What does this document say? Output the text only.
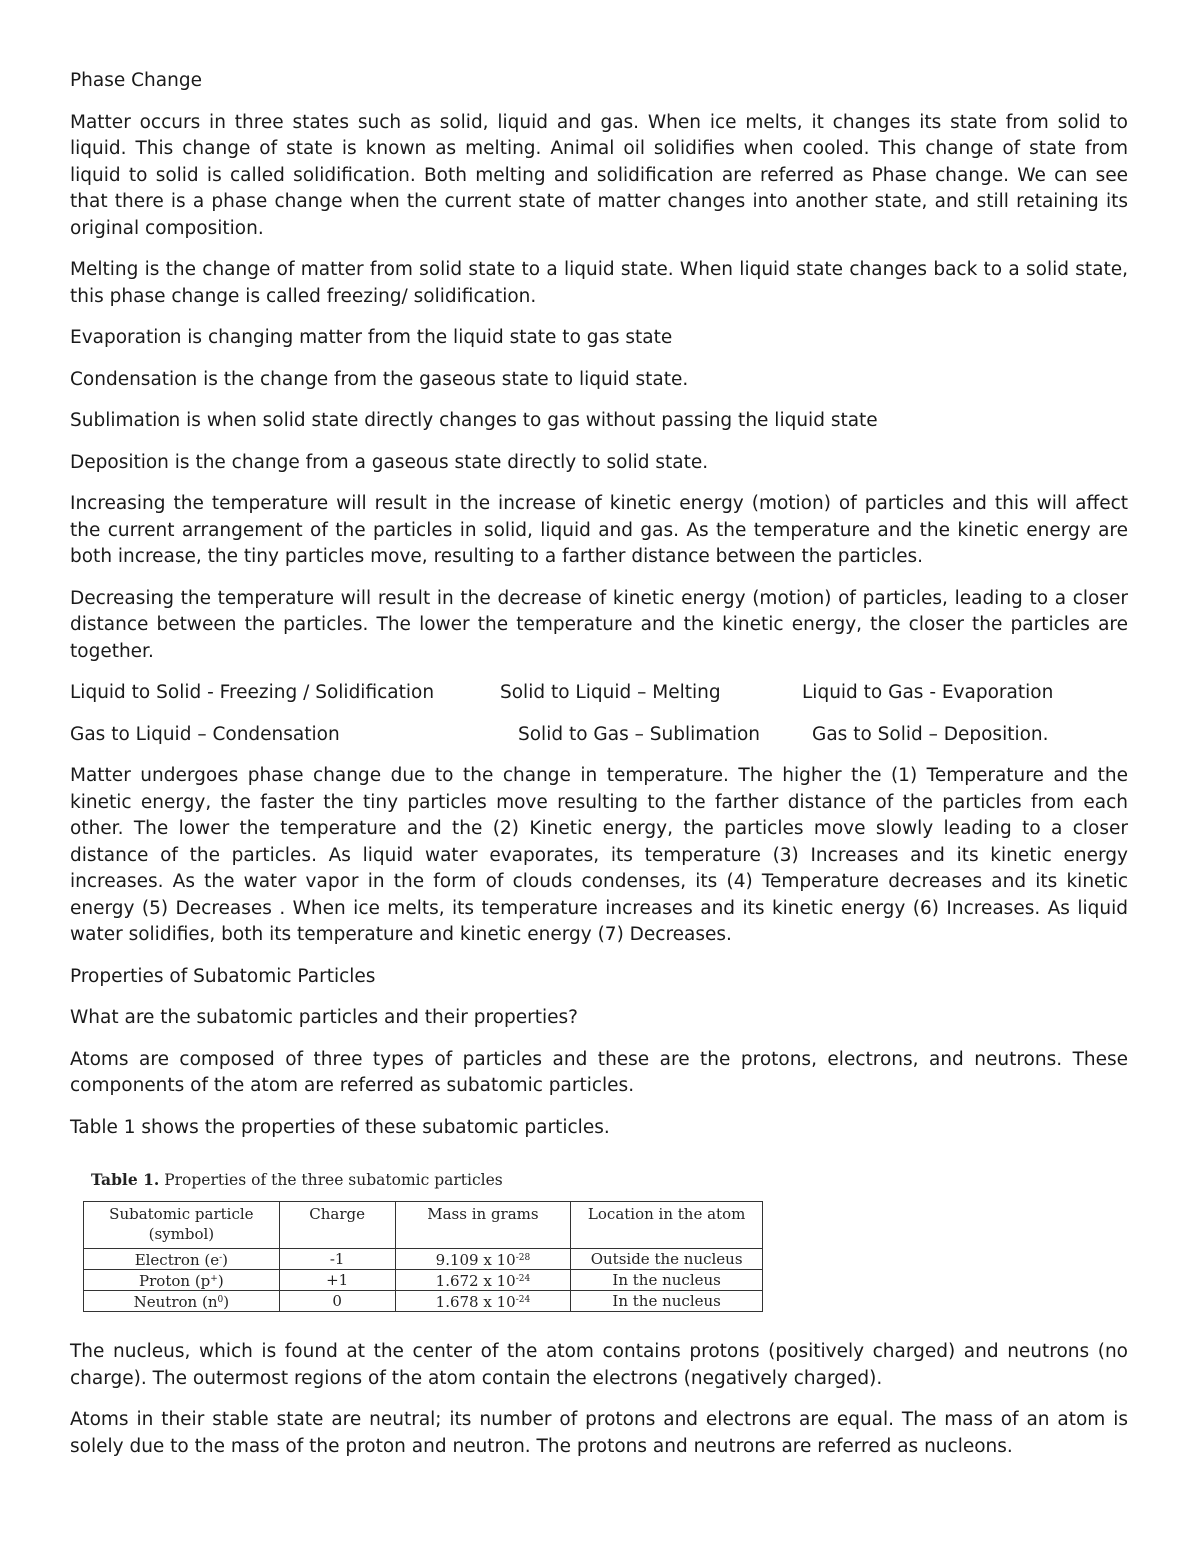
Phase Change

Matter occurs in three states such as solid, liquid and gas. When ice melts, it changes its state from solid to liquid. This change of state is known as melting. Animal oil solidifies when cooled. This change of state from liquid to solid is called solidification. Both melting and solidification are referred as Phase change. We can see that there is a phase change when the current state of matter changes into another state, and still retaining its original composition.

Melting is the change of matter from solid state to a liquid state. When liquid state changes back to a solid state, this phase change is called freezing/ solidification.

Evaporation is changing matter from the liquid state to gas state

Condensation is the change from the gaseous state to liquid state.

Sublimation is when solid state directly changes to gas without passing the liquid state

Deposition is the change from a gaseous state directly to solid state.

Increasing the temperature will result in the increase of kinetic energy (motion) of particles and this will affect the current arrangement of the particles in solid, liquid and gas. As the temperature and the kinetic energy are both increase, the tiny particles move, resulting to a farther distance between the particles.

Decreasing the temperature will result in the decrease of kinetic energy (motion) of particles, leading to a closer distance between the particles. The lower the temperature and the kinetic energy, the closer the particles are together.

Liquid to Solid - Freezing / Solidification	Solid to Liquid – Melting	Liquid to Gas - Evaporation
Gas to Liquid – Condensation	Solid to Gas – Sublimation	Gas to Solid – Deposition.

Matter undergoes phase change due to the change in temperature. The higher the (1) Temperature and the kinetic energy, the faster the tiny particles move resulting to the farther distance of the particles from each other. The lower the temperature and the (2) Kinetic energy, the particles move slowly leading to a closer distance of the particles. As liquid water evaporates, its temperature (3) Increases and its kinetic energy increases. As the water vapor in the form of clouds condenses, its (4) Temperature decreases and its kinetic energy (5) Decreases . When ice melts, its temperature increases and its kinetic energy (6) Increases. As liquid water solidifies, both its temperature and kinetic energy (7) Decreases.

Properties of Subatomic Particles

What are the subatomic particles and their properties?

Atoms are composed of three types of particles and these are the protons, electrons, and neutrons. These components of the atom are referred as subatomic particles.

Table 1 shows the properties of these subatomic particles.

Table 1. Properties of the three subatomic particles
Subatomic particle (symbol)	Charge	Mass in grams	Location in the atom
Electron (e-)	-1	9.109 x $10^{-28}$	Outside the nucleus
Proton (p+)	+1	1.672 x $10^{-24}$	In the nucleus
Neutron $(n^0)$	0	1.678 x $10^{-24}$	In the nucleus

The nucleus, which is found at the center of the atom contains protons (positively charged) and neutrons (no charge). The outermost regions of the atom contain the electrons (negatively charged).

Atoms in their stable state are neutral; its number of protons and electrons are equal. The mass of an atom is solely due to the mass of the proton and neutron. The protons and neutrons are referred as nucleons.
